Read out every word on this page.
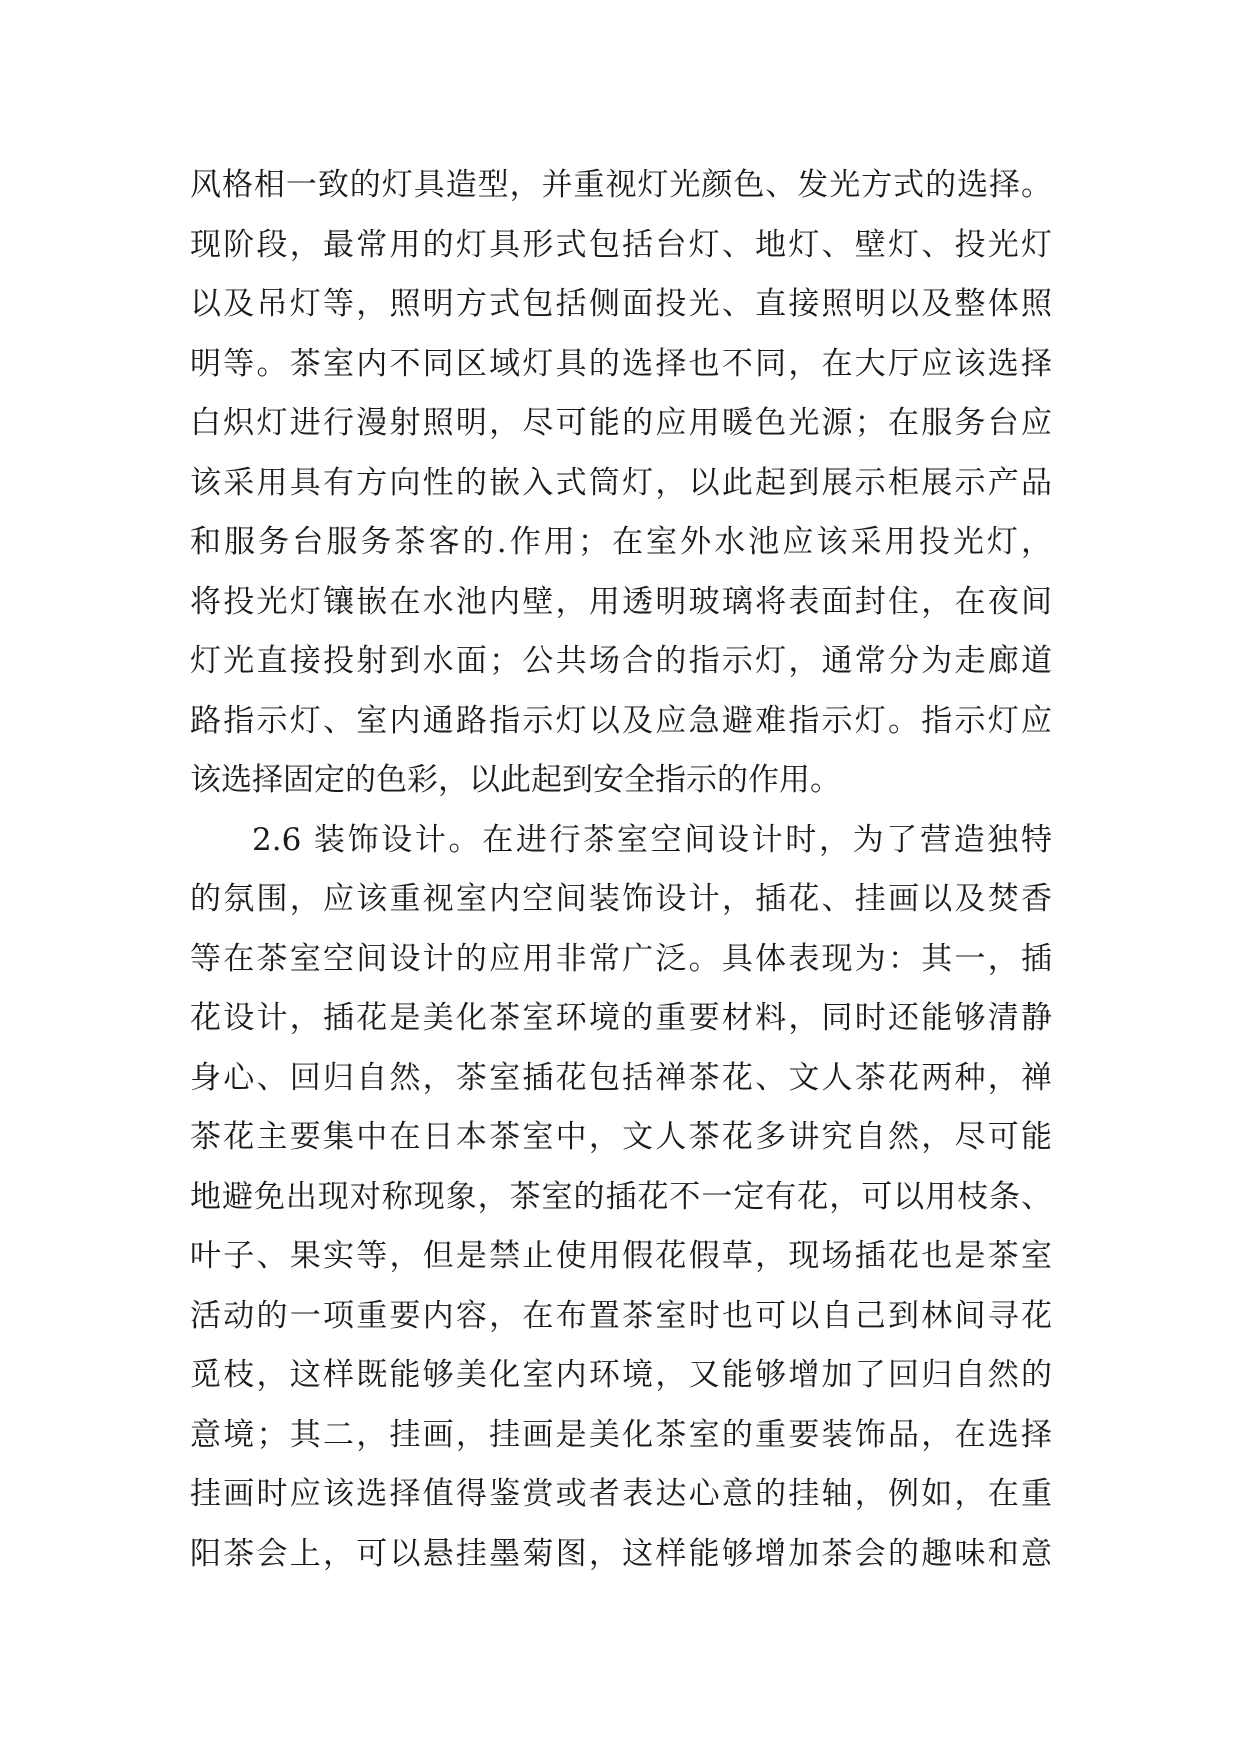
风格相一致的灯具造型，并重视灯光颜色、发光方式的选择。
现阶段，最常用的灯具形式包括台灯、地灯、壁灯、投光灯
以及吊灯等，照明方式包括侧面投光、直接照明以及整体照
明等。茶室内不同区域灯具的选择也不同，在大厅应该选择
白炽灯进行漫射照明，尽可能的应用暖色光源；在服务台应
该采用具有方向性的嵌入式筒灯，以此起到展示柜展示产品
和服务台服务茶客的.作用；在室外水池应该采用投光灯，
将投光灯镶嵌在水池内壁，用透明玻璃将表面封住，在夜间
灯光直接投射到水面；公共场合的指示灯，通常分为走廊道
路指示灯、室内通路指示灯以及应急避难指示灯。指示灯应
该选择固定的色彩，以此起到安全指示的作用。
2.6 装饰设计。在进行茶室空间设计时，为了营造独特
的氛围，应该重视室内空间装饰设计，插花、挂画以及焚香
等在茶室空间设计的应用非常广泛。具体表现为：其一，插
花设计，插花是美化茶室环境的重要材料，同时还能够清静
身心、回归自然，茶室插花包括禅茶花、文人茶花两种，禅
茶花主要集中在日本茶室中，文人茶花多讲究自然，尽可能
地避免出现对称现象，茶室的插花不一定有花，可以用枝条、
叶子、果实等，但是禁止使用假花假草，现场插花也是茶室
活动的一项重要内容，在布置茶室时也可以自己到林间寻花
觅枝，这样既能够美化室内环境，又能够增加了回归自然的
意境；其二，挂画，挂画是美化茶室的重要装饰品，在选择
挂画时应该选择值得鉴赏或者表达心意的挂轴，例如，在重
阳茶会上，可以悬挂墨菊图，这样能够增加茶会的趣味和意
